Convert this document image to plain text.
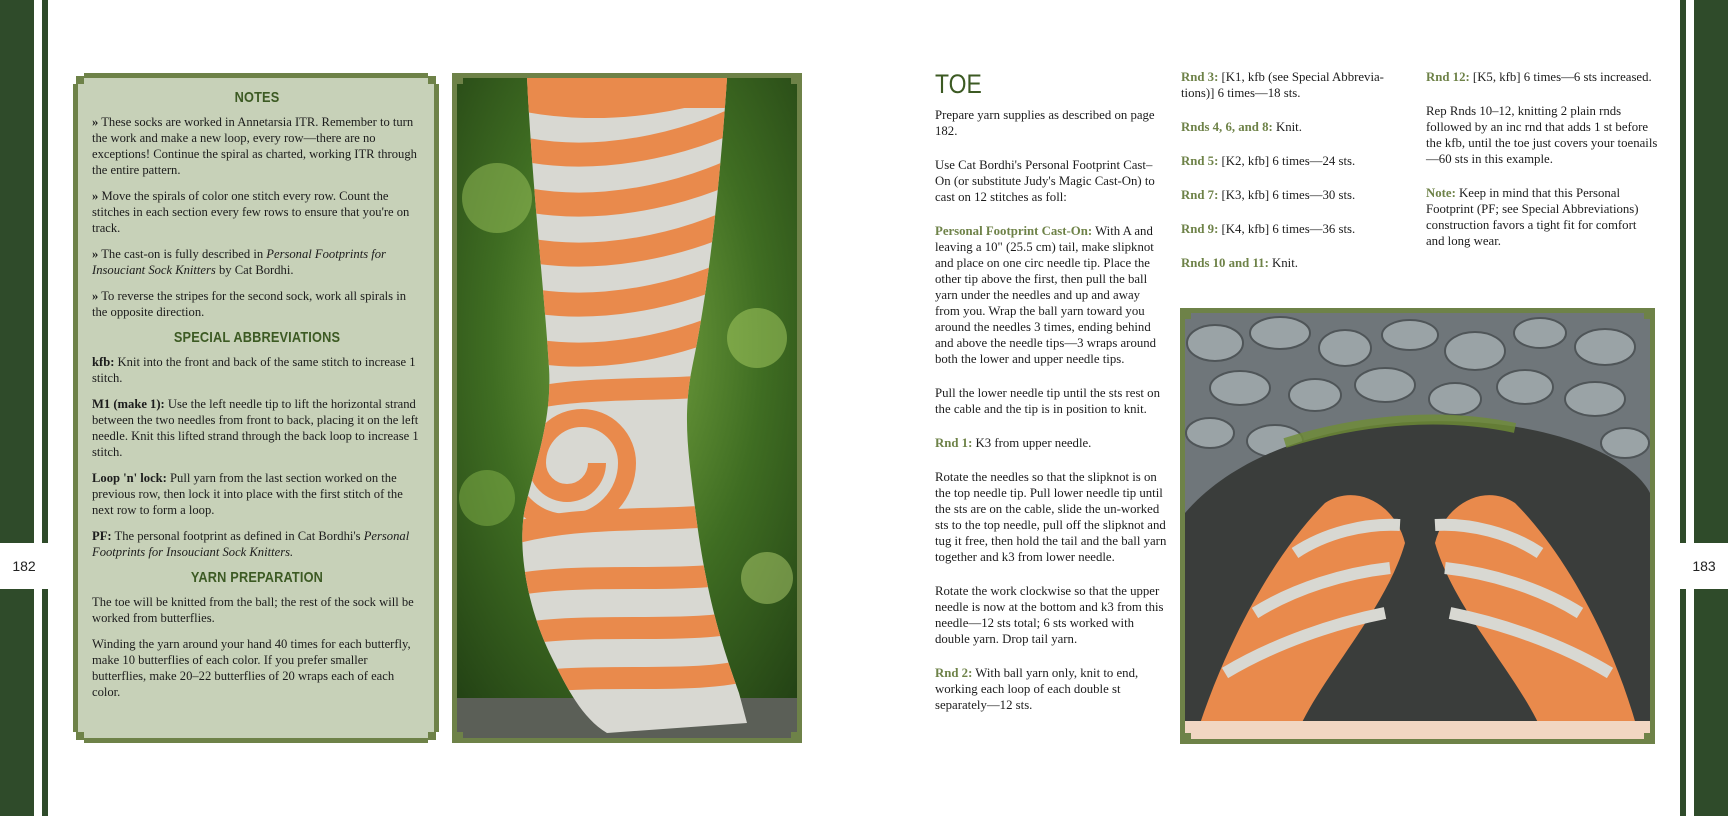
182	183
NOTES

» These socks are worked in Annetarsia ITR. Remember to turn the work and make a new loop, every row—there are no exceptions! Continue the spiral as charted, working ITR through the entire pattern.

» Move the spirals of color one stitch every row. Count the stitches in each section every few rows to ensure that you're on track.

» The cast-on is fully described in Personal Footprints for Insouciant Sock Knitters by Cat Bordhi.

» To reverse the stripes for the second sock, work all spirals in the opposite direction.

SPECIAL ABBREVIATIONS

kfb: Knit into the front and back of the same stitch to increase 1 stitch.

M1 (make 1): Use the left needle tip to lift the horizontal strand between the two needles from front to back, placing it on the left needle. Knit this lifted strand through the back loop to increase 1 stitch.

Loop 'n' lock: Pull yarn from the last section worked on the previous row, then lock it into place with the first stitch of the next row to form a loop.

PF: The personal footprint as defined in Cat Bordhi's Personal Footprints for Insouciant Sock Knitters.

YARN PREPARATION

The toe will be knitted from the ball; the rest of the sock will be worked from butterflies.

Winding the yarn around your hand 40 times for each butterfly, make 10 butterflies of each color. If you prefer smaller butterflies, make 20–22 butterflies of 20 wraps each of each color.

TOE

Prepare yarn supplies as described on page 182.

Use Cat Bordhi's Personal Footprint Cast–On (or substitute Judy's Magic Cast-On) to cast on 12 stitches as foll:

Personal Footprint Cast-On: With A and leaving a 10" (25.5 cm) tail, make slipknot and place on one circ needle tip. Place the other tip above the first, then pull the ball yarn under the needles and up and away from you. Wrap the ball yarn toward you around the needles 3 times, ending behind and above the needle tips—3 wraps around both the lower and upper needle tips.

Pull the lower needle tip until the sts rest on the cable and the tip is in position to knit.

Rnd 1: K3 from upper needle.

Rotate the needles so that the slipknot is on the top needle tip. Pull lower needle tip until the sts are on the cable, slide the un-worked sts to the top needle, pull off the slipknot and tug it free, then hold the tail and the ball yarn together and k3 from lower needle.

Rotate the work clockwise so that the upper needle is now at the bottom and k3 from this needle—12 sts total; 6 sts worked with double yarn. Drop tail yarn.

Rnd 2: With ball yarn only, knit to end, working each loop of each double st separately—12 sts.

Rnd 3: [K1, kfb (see Special Abbrevia-tions)] 6 times—18 sts.

Rnds 4, 6, and 8: Knit.

Rnd 5: [K2, kfb] 6 times—24 sts.

Rnd 7: [K3, kfb] 6 times—30 sts.

Rnd 9: [K4, kfb] 6 times—36 sts.

Rnds 10 and 11: Knit.

Rnd 12: [K5, kfb] 6 times—6 sts increased.

Rep Rnds 10–12, knitting 2 plain rnds followed by an inc rnd that adds 1 st before the kfb, until the toe just covers your toenails—60 sts in this example.

Note: Keep in mind that this Personal Footprint (PF; see Special Abbreviations) construction favors a tight fit for comfort and long wear.
